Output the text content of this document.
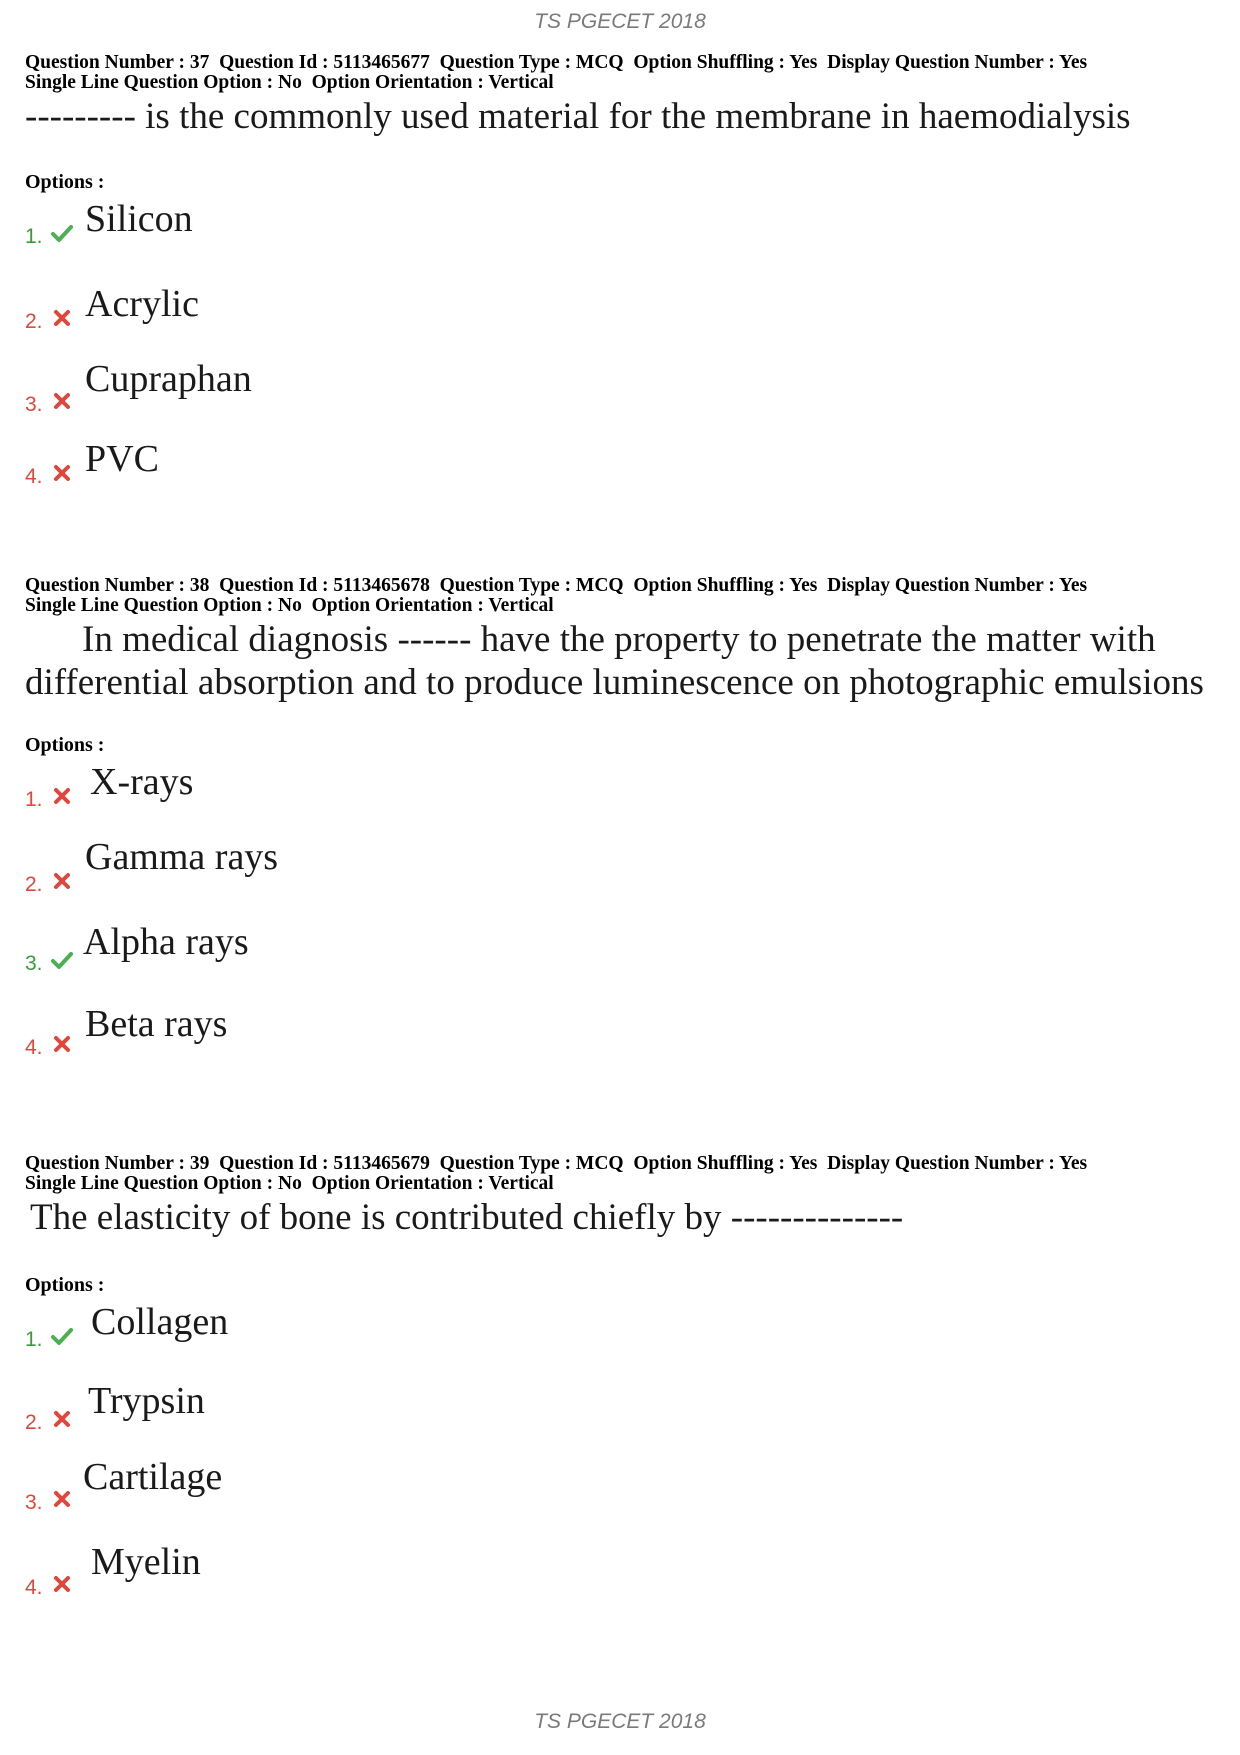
TS PGECET 2018
Question Number : 37  Question Id : 5113465677  Question Type : MCQ  Option Shuffling : Yes  Display Question Number : Yes
Single Line Question Option : No  Option Orientation : Vertical
--------- is the commonly used material for the membrane in haemodialysis
Options :
1. Silicon
2. Acrylic
3.
Cupraphan
4. PVC
Question Number : 38  Question Id : 5113465678  Question Type : MCQ  Option Shuffling : Yes  Display Question Number : Yes
Single Line Question Option : No  Option Orientation : Vertical
In medical diagnosis ------ have the property to penetrate the matter with
differential absorption and to produce luminescence on photographic emulsions
Options :
1. X-rays
2.
Gamma rays
3.
Alpha rays
4.
Beta rays
Question Number : 39  Question Id : 5113465679  Question Type : MCQ  Option Shuffling : Yes  Display Question Number : Yes
Single Line Question Option : No  Option Orientation : Vertical
The elasticity of bone is contributed chiefly by --------------
Options :
1. Collagen
2.
Trypsin
3.
Cartilage
4.
Myelin
TS PGECET 2018
